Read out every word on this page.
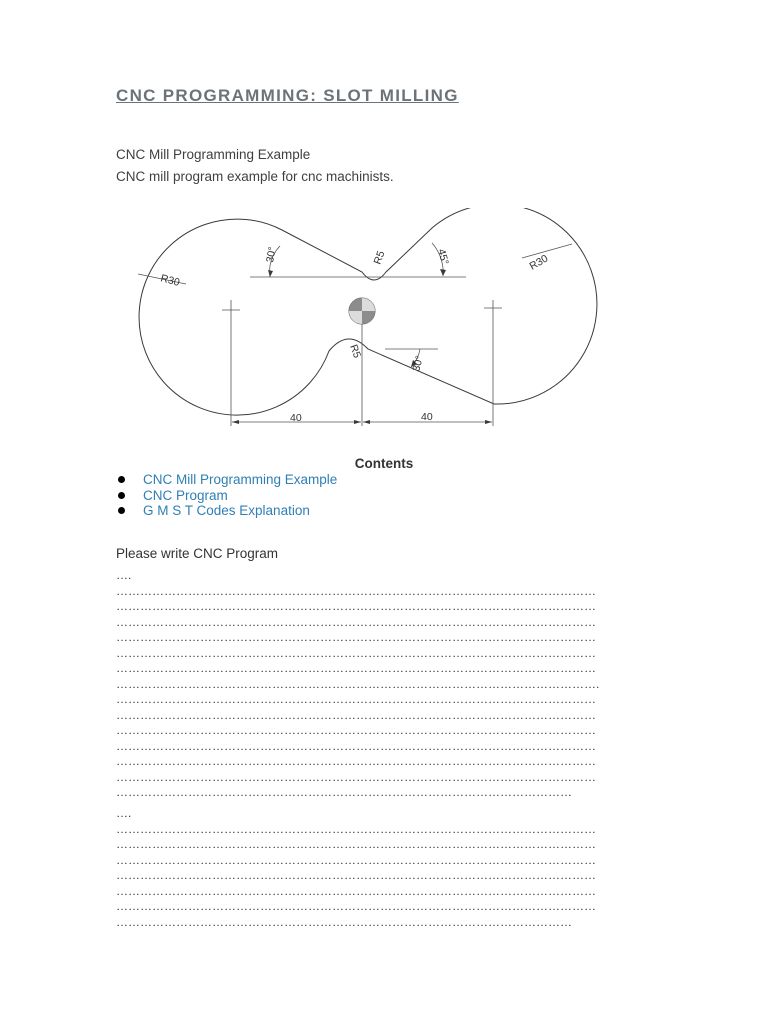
CNC PROGRAMMING: SLOT MILLING
CNC Mill Programming Example
CNC mill program example for cnc machinists.
R30
R30
R5
R5
30°	45°
30°
40	40
Contents
CNC Mill Programming Example
CNC Program
G M S T Codes Explanation
Please write CNC Program
….
…………………………………………………………………………………………………………
…………………………………………………………………………………………………………
…………………………………………………………………………………………………………
…………………………………………………………………………………………………………
…………………………………………………………………………………………………………
…………………………………………………………………………………………………………
………………………………………………………………………………………………………….
…………………………………………………………………………………………………………
…………………………………………………………………………………………………………
…………………………………………………………………………………………………………
…………………………………………………………………………………………………………
…………………………………………………………………………………………………………
…………………………………………………………………………………………………………
……………………………………………………………………………………………………
….
…………………………………………………………………………………………………………
…………………………………………………………………………………………………………
…………………………………………………………………………………………………………
…………………………………………………………………………………………………………
…………………………………………………………………………………………………………
…………………………………………………………………………………………………………
……………………………………………………………………………………………………
